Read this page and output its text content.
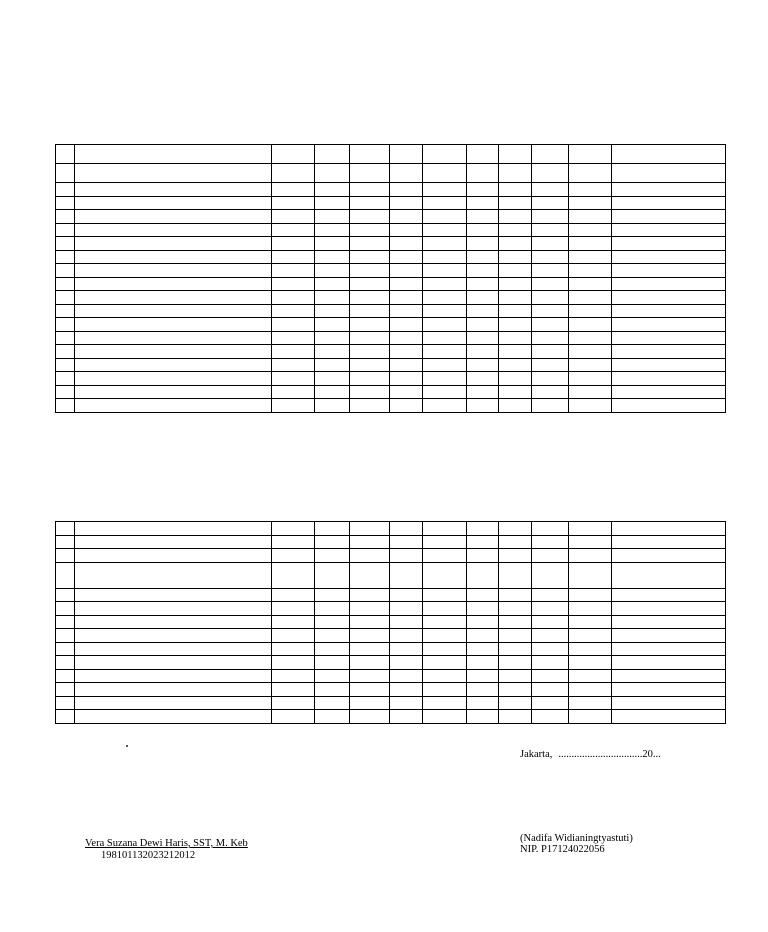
Jakarta, ................................20...
Vera Suzana Dewi Haris, SST, M. Keb
198101132023212012
(Nadifa Widianingtyastuti)
NIP. P17124022056
